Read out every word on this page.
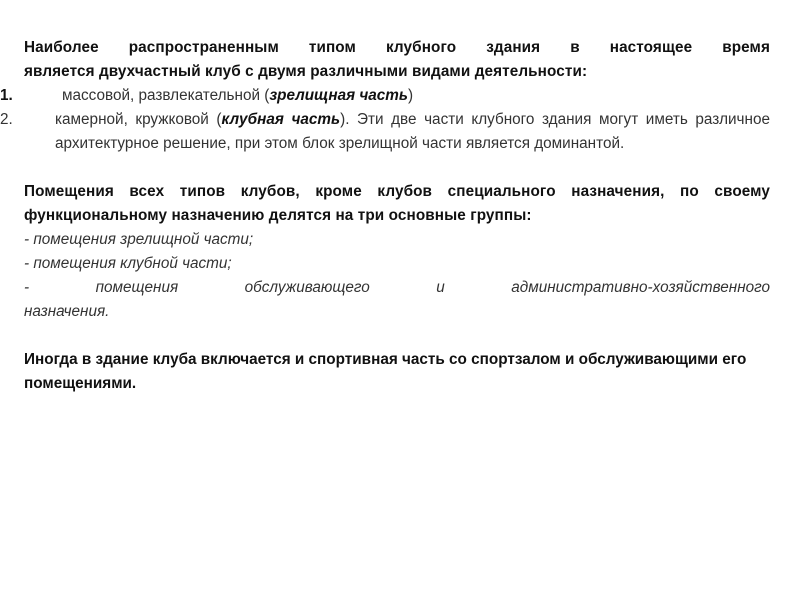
Наиболее распространенным типом клубного здания в настоящее время
является двухчастный клуб с двумя различными видами деятельности:
1.	массовой, развлекательной (зрелищная часть)
2.	камерной, кружковой (клубная часть). Эти две части клубного здания могут иметь различное архитектурное решение, при этом блок зрелищной части является доминантой.
Помещения всех типов клубов, кроме клубов специального назначения, по своему функциональному назначению делятся на три основные группы:
- помещения зрелищной части;
- помещения клубной части;
- помещения обслуживающего и административно-хозяйственного
назначения.
Иногда в здание клуба включается и спортивная часть со спортзалом и обслуживающими его помещениями.
